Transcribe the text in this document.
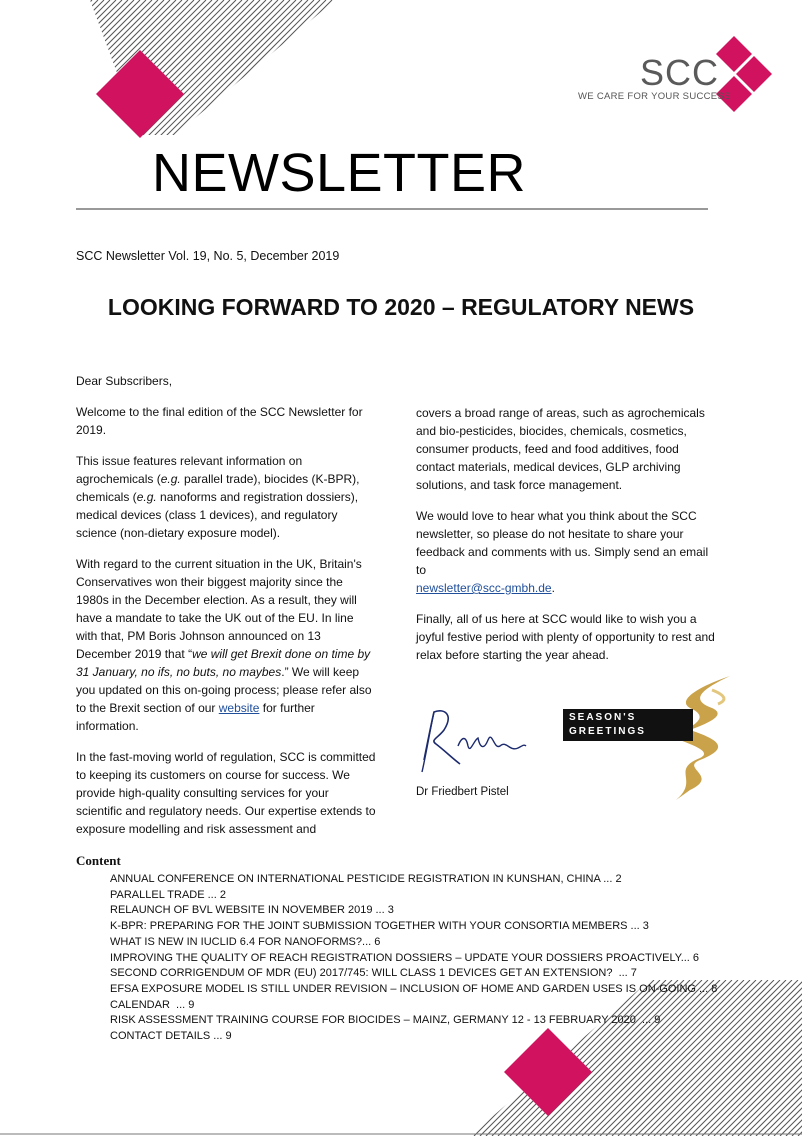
SCC
WE CARE FOR YOUR SUCCESS
NEWSLETTER
SCC Newsletter Vol. 19, No. 5, December 2019
LOOKING FORWARD TO 2020 – REGULATORY NEWS

Dear Subscribers,

Welcome to the final edition of the SCC Newsletter for 2019.

This issue features relevant information on agrochemicals (e.g. parallel trade), biocides (K-BPR), chemicals (e.g. nanoforms and registration dossiers), medical devices (class 1 devices), and regulatory science (non-dietary exposure model).

With regard to the current situation in the UK, Britain's Conservatives won their biggest majority since the 1980s in the December election. As a result, they will have a mandate to take the UK out of the EU. In line with that, PM Boris Johnson announced on 13  December 2019 that “we will get Brexit done on time by 31 January, no ifs, no buts, no maybes.” We will keep you updated on this on-going process; please refer also to the Brexit section of our website for further information.

In the fast-moving world of regulation, SCC is committed to keeping its customers on course for success. We provide high-quality consulting services for your scientific and regulatory needs. Our expertise extends to exposure modelling and risk assessment and

covers a broad range of areas, such as agrochemicals and bio-pesticides, biocides, chemicals, cosmetics, consumer products, feed and food additives, food contact materials, medical devices, GLP archiving solutions, and task force management.

We would love to hear what you think about the SCC newsletter, so please do not hesitate to share your feedback and comments with us. Simply send an email to
newsletter@scc-gmbh.de.

Finally, all of us here at SCC would like to wish you a joyful festive period with plenty of opportunity to rest and relax before starting the year ahead.

Dr Friedbert Pistel
SEASON'S
GREETINGS
Content
ANNUAL CONFERENCE ON INTERNATIONAL PESTICIDE REGISTRATION IN KUNSHAN, CHINA ... 2
PARALLEL TRADE ... 2
RELAUNCH OF BVL WEBSITE IN NOVEMBER 2019 ... 3
K-BPR: PREPARING FOR THE JOINT SUBMISSION TOGETHER WITH YOUR CONSORTIA MEMBERS ... 3
WHAT IS NEW IN IUCLID 6.4 FOR NANOFORMS?... 6
IMPROVING THE QUALITY OF REACH REGISTRATION DOSSIERS – UPDATE YOUR DOSSIERS PROACTIVELY... 6
SECOND CORRIGENDUM OF MDR (EU) 2017/745: WILL CLASS 1 DEVICES GET AN EXTENSION?  ... 7
EFSA EXPOSURE MODEL IS STILL UNDER REVISION – INCLUSION OF HOME AND GARDEN USES IS ON-GOING ... 8
CALENDAR  ... 9
RISK ASSESSMENT TRAINING COURSE FOR BIOCIDES – MAINZ, GERMANY 12 - 13 FEBRUARY 2020  ... 9
CONTACT DETAILS ... 9
